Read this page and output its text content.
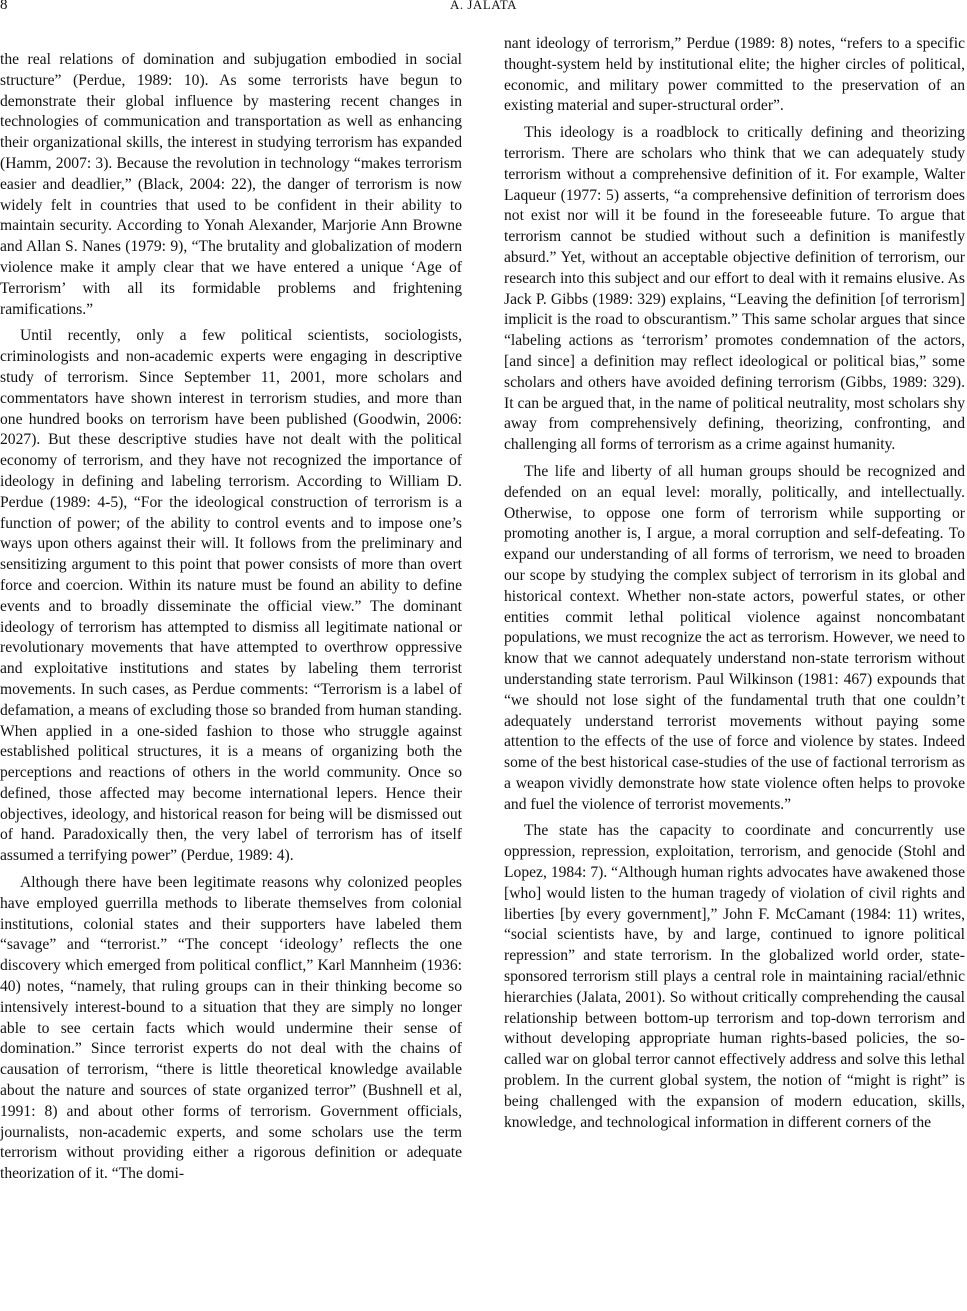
8	A. JALATA

the real relations of domination and subjugation embodied in social structure” (Perdue, 1989: 10). As some terrorists have begun to demonstrate their global influence by mastering recent changes in technologies of communication and transportation as well as enhancing their organizational skills, the interest in studying terrorism has expanded (Hamm, 2007: 3). Because the revolution in technology “makes terrorism easier and deadlier,” (Black, 2004: 22), the danger of terrorism is now widely felt in countries that used to be confident in their ability to maintain security. According to Yonah Alexander, Marjorie Ann Browne and Allan S. Nanes (1979: 9), “The brutality and globalization of modern violence make it amply clear that we have entered a unique ‘Age of Terrorism’ with all its formidable problems and frightening ramifications.”

Until recently, only a few political scientists, sociologists, criminologists and non-academic experts were engaging in descriptive study of terrorism. Since September 11, 2001, more scholars and commentators have shown interest in terrorism studies, and more than one hundred books on terrorism have been published (Goodwin, 2006: 2027). But these descriptive studies have not dealt with the political economy of terrorism, and they have not recognized the importance of ideology in defining and labeling terrorism. According to William D. Perdue (1989: 4-5), “For the ideological construction of terrorism is a function of power; of the ability to control events and to impose one’s ways upon others against their will. It follows from the preliminary and sensitizing argument to this point that power consists of more than overt force and coercion. Within its nature must be found an ability to define events and to broadly disseminate the official view.” The dominant ideology of terrorism has attempted to dismiss all legitimate national or revolutionary movements that have attempted to overthrow oppressive and exploitative institutions and states by labeling them terrorist movements. In such cases, as Perdue comments: “Terrorism is a label of defamation, a means of excluding those so branded from human standing. When applied in a one-sided fashion to those who struggle against established political structures, it is a means of organizing both the perceptions and reactions of others in the world community. Once so defined, those affected may become international lepers. Hence their objectives, ideology, and historical reason for being will be dismissed out of hand. Paradoxically then, the very label of terrorism has of itself assumed a terrifying power” (Perdue, 1989: 4).

Although there have been legitimate reasons why colonized peoples have employed guerrilla methods to liberate themselves from colonial institutions, colonial states and their supporters have labeled them “savage” and “terrorist.” “The concept ‘ideology’ reflects the one discovery which emerged from political conflict,” Karl Mannheim (1936: 40) notes, “namely, that ruling groups can in their thinking become so intensively interest-bound to a situation that they are simply no longer able to see certain facts which would undermine their sense of domination.” Since terrorist experts do not deal with the chains of causation of terrorism, “there is little theoretical knowledge available about the nature and sources of state organized terror” (Bushnell et al, 1991: 8) and about other forms of terrorism. Government officials, journalists, non-academic experts, and some scholars use the term terrorism without providing either a rigorous definition or adequate theorization of it. “The domi-

nant ideology of terrorism,” Perdue (1989: 8) notes, “refers to a specific thought-system held by institutional elite; the higher circles of political, economic, and military power committed to the preservation of an existing material and super-structural order”.

This ideology is a roadblock to critically defining and theorizing terrorism. There are scholars who think that we can adequately study terrorism without a comprehensive definition of it. For example, Walter Laqueur (1977: 5) asserts, “a comprehensive definition of terrorism does not exist nor will it be found in the foreseeable future. To argue that terrorism cannot be studied without such a definition is manifestly absurd.” Yet, without an acceptable objective definition of terrorism, our research into this subject and our effort to deal with it remains elusive. As Jack P. Gibbs (1989: 329) explains, “Leaving the definition [of terrorism] implicit is the road to obscurantism.” This same scholar argues that since “labeling actions as ‘terrorism’ promotes condemnation of the actors, [and since] a definition may reflect ideological or political bias,” some scholars and others have avoided defining terrorism (Gibbs, 1989: 329). It can be argued that, in the name of political neutrality, most scholars shy away from comprehensively defining, theorizing, confronting, and challenging all forms of terrorism as a crime against humanity.

The life and liberty of all human groups should be recognized and defended on an equal level: morally, politically, and intellectually. Otherwise, to oppose one form of terrorism while supporting or promoting another is, I argue, a moral corruption and self-defeating. To expand our understanding of all forms of terrorism, we need to broaden our scope by studying the complex subject of terrorism in its global and historical context. Whether non-state actors, powerful states, or other entities commit lethal political violence against noncombatant populations, we must recognize the act as terrorism. However, we need to know that we cannot adequately understand non-state terrorism without understanding state terrorism. Paul Wilkinson (1981: 467) expounds that “we should not lose sight of the fundamental truth that one couldn’t adequately understand terrorist movements without paying some attention to the effects of the use of force and violence by states. Indeed some of the best historical case-studies of the use of factional terrorism as a weapon vividly demonstrate how state violence often helps to provoke and fuel the violence of terrorist movements.”

The state has the capacity to coordinate and concurrently use oppression, repression, exploitation, terrorism, and genocide (Stohl and Lopez, 1984: 7). “Although human rights advocates have awakened those [who] would listen to the human tragedy of violation of civil rights and liberties [by every government],” John F. McCamant (1984: 11) writes, “social scientists have, by and large, continued to ignore political repression” and state terrorism. In the globalized world order, state-sponsored terrorism still plays a central role in maintaining racial/ethnic hierarchies (Jalata, 2001). So without critically comprehending the causal relationship between bottom-up terrorism and top-down terrorism and without developing appropriate human rights-based policies, the so-called war on global terror cannot effectively address and solve this lethal problem. In the current global system, the notion of “might is right” is being challenged with the expansion of modern education, skills, knowledge, and technological information in different corners of the
